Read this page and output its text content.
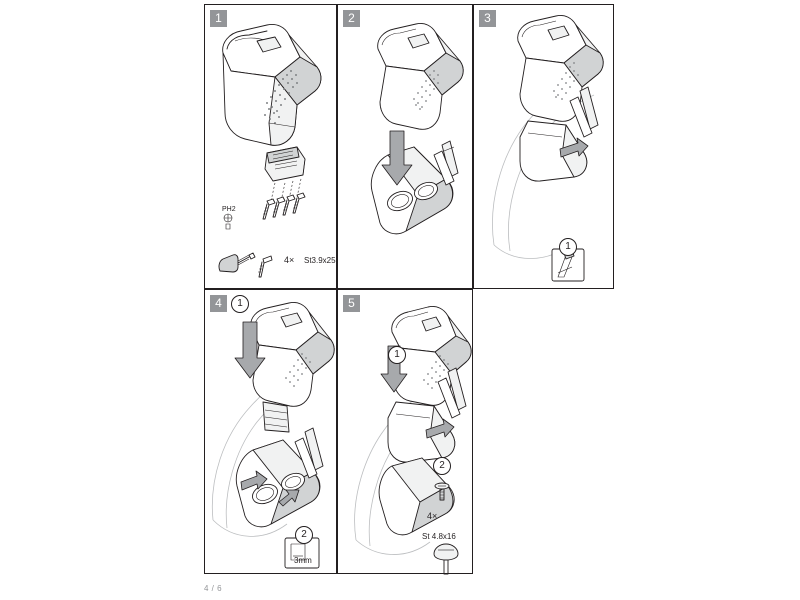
1
4× St3.9x25
PH2
2	3
1
4	1
2
3mm
5
1
2
4×
St 4.8x16
4 / 6
